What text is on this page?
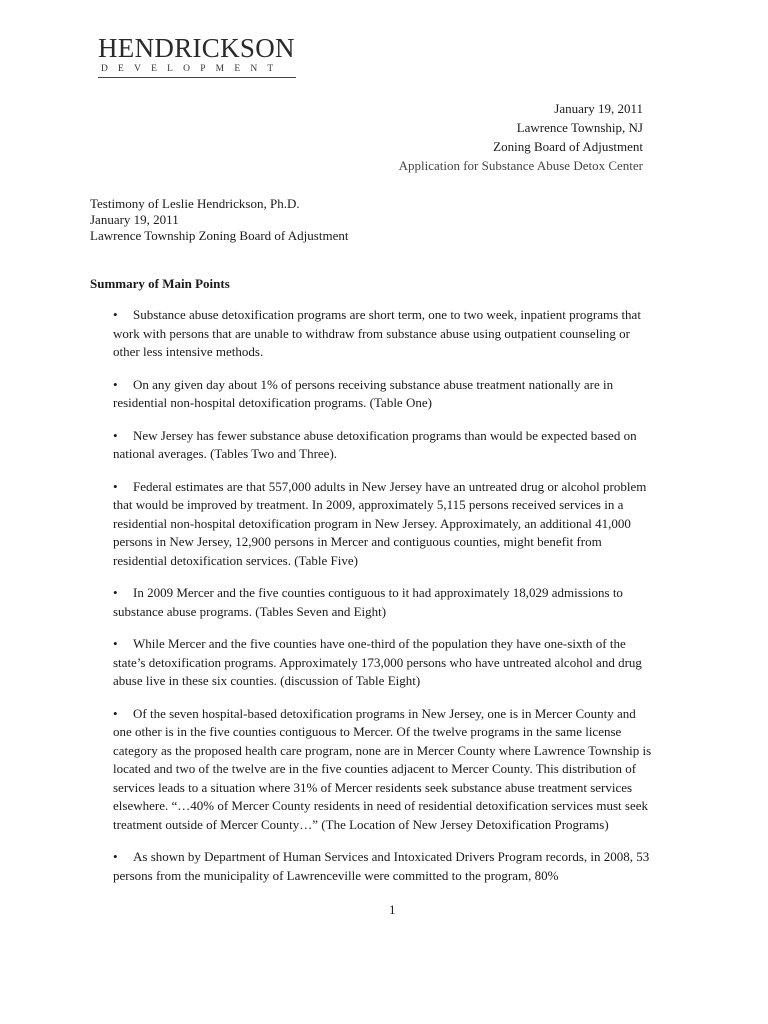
HENDRICKSON
DEVELOPMENT
January 19, 2011
Lawrence Township, NJ
Zoning Board of Adjustment
Application for Substance Abuse Detox Center
Testimony of Leslie Hendrickson, Ph.D.
January 19, 2011
Lawrence Township Zoning Board of Adjustment
Summary of Main Points

• Substance abuse detoxification programs are short term, one to two week, inpatient programs that work with persons that are unable to withdraw from substance abuse using outpatient counseling or other less intensive methods.

• On any given day about 1% of persons receiving substance abuse treatment nationally are in residential non-hospital detoxification programs. (Table One)

• New Jersey has fewer substance abuse detoxification programs than would be expected based on national averages. (Tables Two and Three).

• Federal estimates are that 557,000 adults in New Jersey have an untreated drug or alcohol problem that would be improved by treatment. In 2009, approximately 5,115 persons received services in a residential non-hospital detoxification program in New Jersey. Approximately, an additional 41,000 persons in New Jersey, 12,900 persons in Mercer and contiguous counties, might benefit from residential detoxification services. (Table Five)

• In 2009 Mercer and the five counties contiguous to it had approximately 18,029 admissions to substance abuse programs. (Tables Seven and Eight)

• While Mercer and the five counties have one-third of the population they have one-sixth of the state’s detoxification programs. Approximately 173,000 persons who have untreated alcohol and drug abuse live in these six counties. (discussion of Table Eight)

• Of the seven hospital-based detoxification programs in New Jersey, one is in Mercer County and one other is in the five counties contiguous to Mercer. Of the twelve programs in the same license category as the proposed health care program, none are in Mercer County where Lawrence Township is located and two of the twelve are in the five counties adjacent to Mercer County. This distribution of services leads to a situation where 31% of Mercer residents seek substance abuse treatment services elsewhere. “…40% of Mercer County residents in need of residential detoxification services must seek treatment outside of Mercer County…” (The Location of New Jersey Detoxification Programs)

• As shown by Department of Human Services and Intoxicated Drivers Program records, in 2008, 53 persons from the municipality of Lawrenceville were committed to the program, 80%

1
